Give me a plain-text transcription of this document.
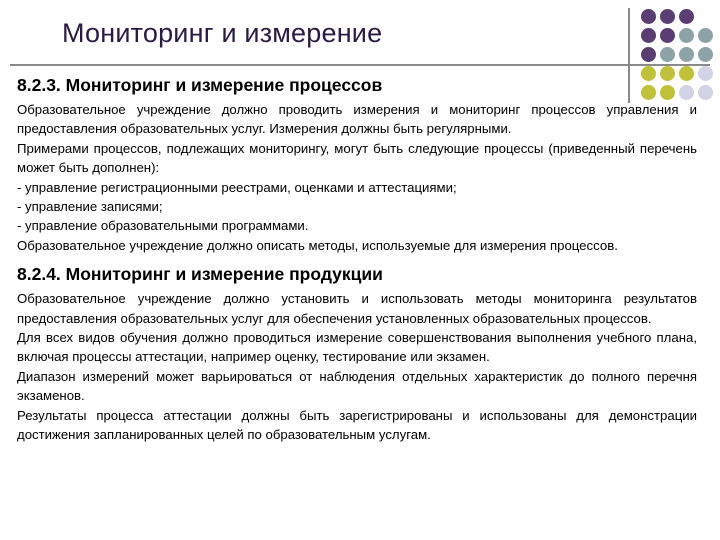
Мониторинг и измерение
8.2.3. Мониторинг и измерение процессов

Образовательное учреждение должно проводить измерения и мониторинг процессов управления и предоставления образовательных услуг. Измерения должны быть регулярными.

Примерами процессов, подлежащих мониторингу, могут быть следующие процессы (приведенный перечень может быть дополнен):

- управление регистрационными реестрами, оценками и аттестациями;

- управление записями;

- управление образовательными программами.

Образовательное учреждение должно описать методы, используемые для измерения процессов.

8.2.4. Мониторинг и измерение продукции

Образовательное учреждение должно установить и использовать методы мониторинга результатов предоставления образовательных услуг для обеспечения установленных образовательных процессов.

Для всех видов обучения должно проводиться измерение совершенствования выполнения учебного плана, включая процессы аттестации, например оценку, тестирование или экзамен.

Диапазон измерений может варьироваться от наблюдения отдельных характеристик до полного перечня экзаменов.

Результаты процесса аттестации должны быть зарегистрированы и использованы для демонстрации достижения запланированных целей по образовательным услугам.
